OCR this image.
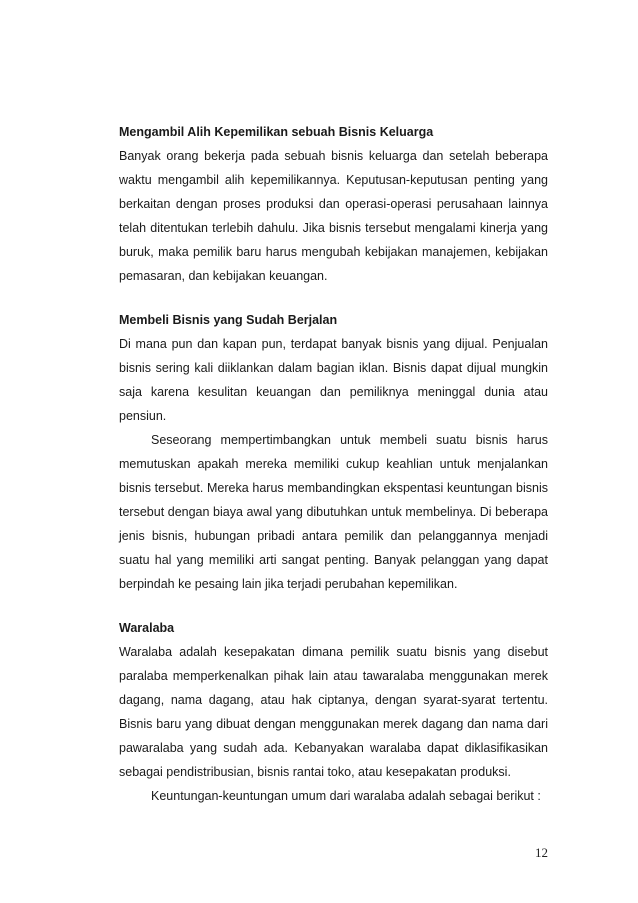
Mengambil Alih Kepemilikan sebuah Bisnis Keluarga

Banyak orang bekerja pada sebuah bisnis keluarga dan setelah beberapa waktu mengambil alih kepemilikannya. Keputusan-keputusan penting yang berkaitan dengan proses produksi dan operasi-operasi perusahaan lainnya telah ditentukan terlebih dahulu. Jika bisnis tersebut mengalami kinerja yang buruk, maka pemilik baru harus mengubah kebijakan manajemen, kebijakan pemasaran, dan kebijakan keuangan.

Membeli Bisnis yang Sudah Berjalan

Di mana pun dan kapan pun, terdapat banyak bisnis yang dijual. Penjualan bisnis sering kali diiklankan dalam bagian iklan. Bisnis dapat dijual mungkin saja karena kesulitan keuangan dan pemiliknya meninggal dunia atau pensiun.

Seseorang mempertimbangkan untuk membeli suatu bisnis harus memutuskan apakah mereka memiliki cukup keahlian untuk menjalankan bisnis tersebut. Mereka harus membandingkan ekspentasi keuntungan bisnis tersebut dengan biaya awal yang dibutuhkan untuk membelinya. Di beberapa jenis bisnis, hubungan pribadi antara pemilik dan pelanggannya menjadi suatu hal yang memiliki arti sangat penting. Banyak pelanggan yang dapat berpindah ke pesaing lain jika terjadi perubahan kepemilikan.

Waralaba

Waralaba adalah kesepakatan dimana pemilik suatu bisnis yang disebut paralaba memperkenalkan pihak lain atau tawaralaba menggunakan merek dagang, nama dagang, atau hak ciptanya, dengan syarat-syarat tertentu. Bisnis baru yang dibuat dengan menggunakan merek dagang dan nama dari pawaralaba yang sudah ada. Kebanyakan waralaba dapat diklasifikasikan sebagai pendistribusian, bisnis rantai toko, atau kesepakatan produksi.

Keuntungan-keuntungan umum dari waralaba adalah sebagai berikut :

12
